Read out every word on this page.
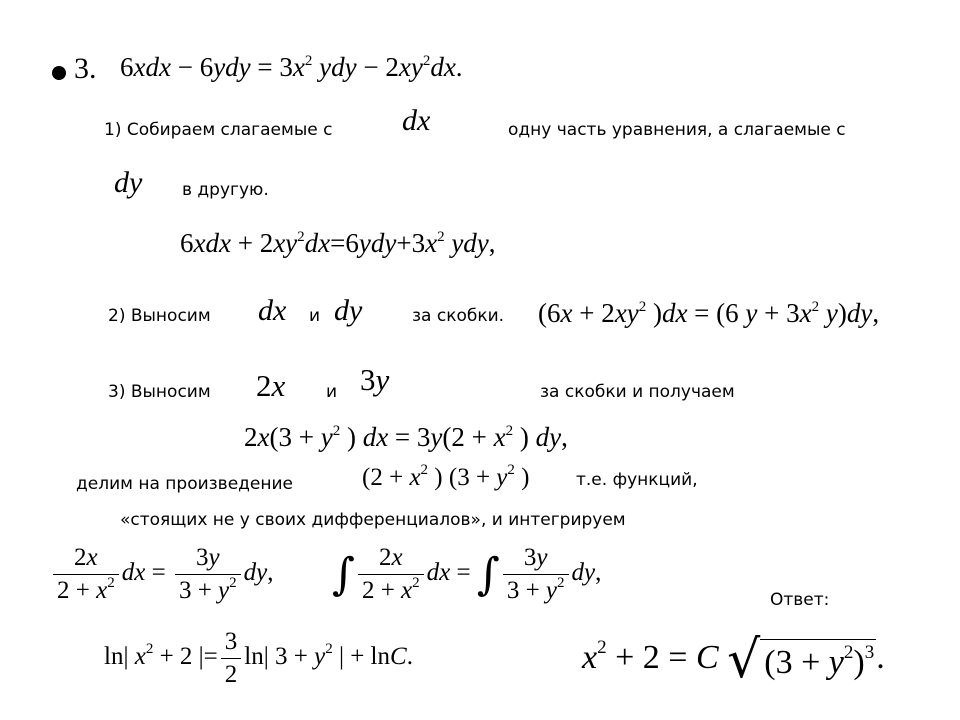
3. $6xdx - 6ydy = 3x^2$ ydy − $2xy^2dx$.
1) Собираем слагаемые с dx	одну часть уравнения, а слагаемые с
dy в другую.
$6xdx + 2xy^2dx=6ydy+3x^2$ ydy,
2) Выносим dx и dy	за скобки. ($6x + 2xy^2$ )dx = (6 $y + 3x^2$ y)dy,
3) Выносим 2x и 3y	за скобки и получаем
$2x(3 + y^2$ ) dx = $3y(2 + x^2$ ) dy,
делим на произведение	($2 + x^2$ ) ($3 + y^2$ )	т.е. функций,
«стоящих не у своих дифференциалов», и интегрируем
$\frac{2x}{2 + x^2}$ dx = $\frac{3y}{3 + y^2}$ dy, ∫ $\frac{2x}{2 + x^2}$ dx = ∫ $\frac{3y}{3 + y^2}$ dy,
Ответ:
ln| $x^2 + 2$ |= $\frac{3}{2} \ln|$ $3 + y^2$ | + lnC.	$x^2 + 2 = C$ √ $(3 + y^2)^3$.
